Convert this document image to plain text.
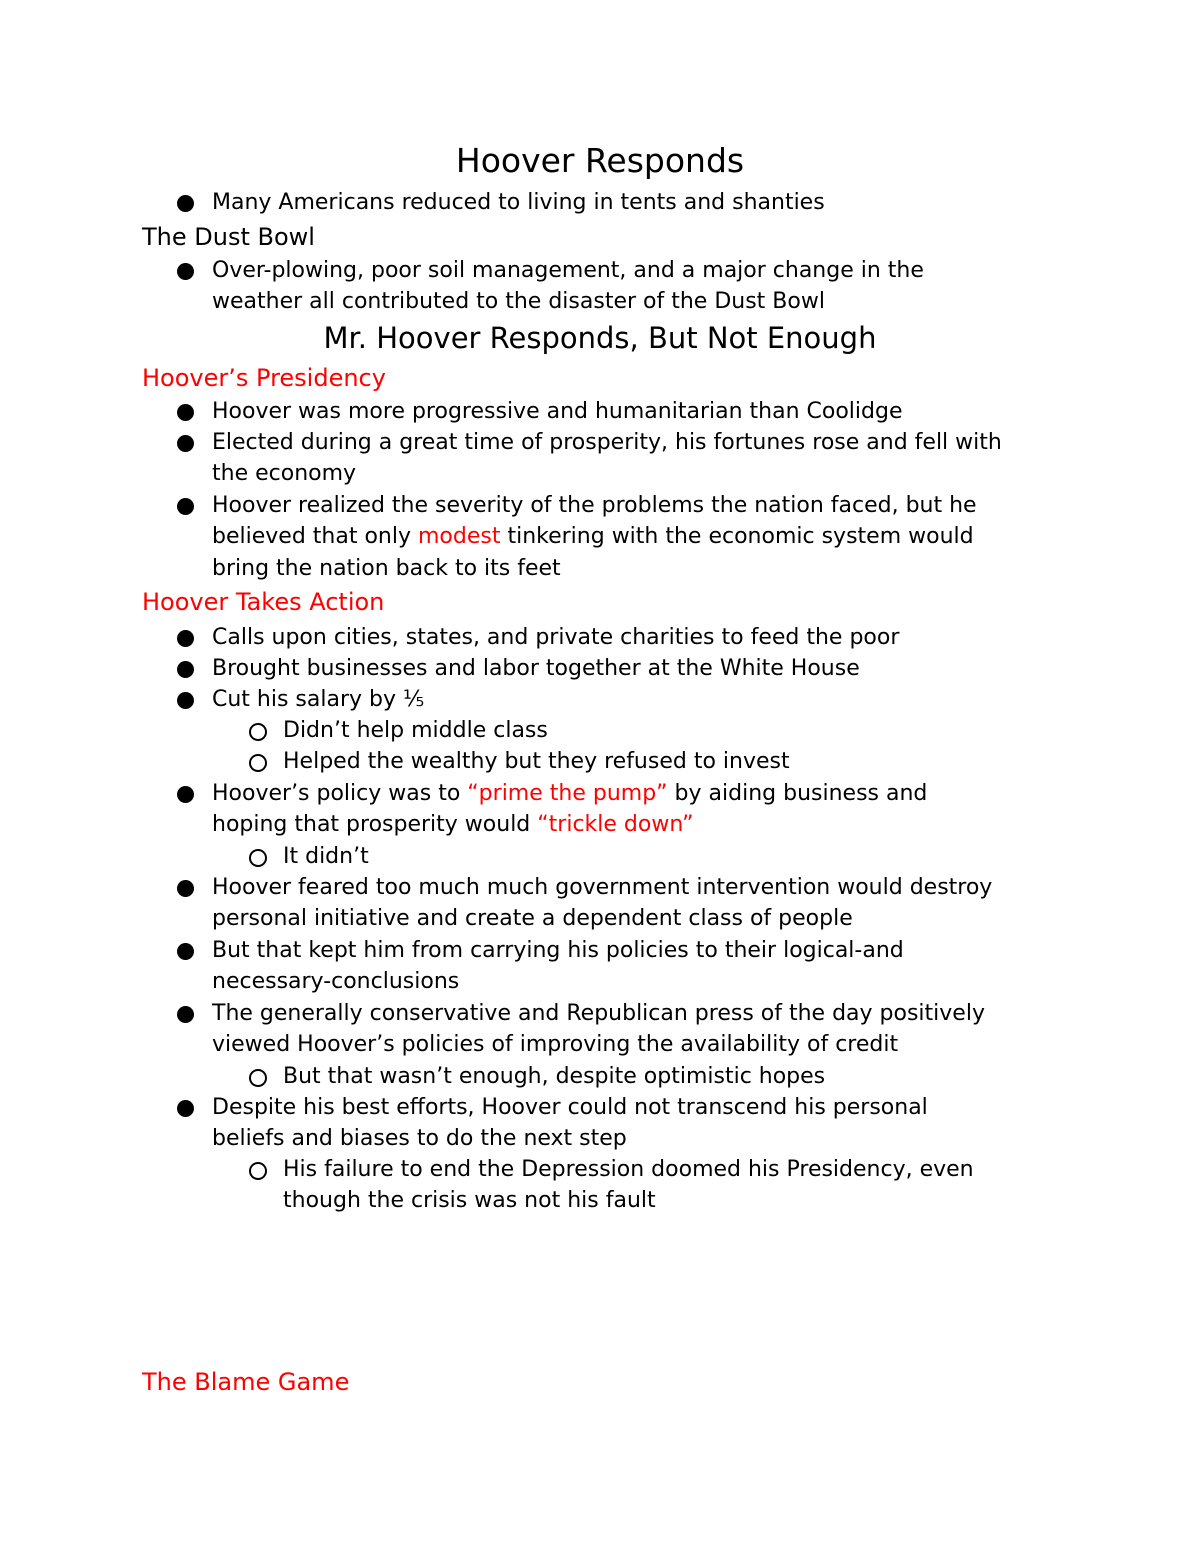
Hoover Responds
Many Americans reduced to living in tents and shanties
The Dust Bowl
Over-plowing, poor soil management, and a major change in the
weather all contributed to the disaster of the Dust Bowl
Mr. Hoover Responds, But Not Enough
Hoover’s Presidency
Hoover was more progressive and humanitarian than Coolidge
Elected during a great time of prosperity, his fortunes rose and fell with
the economy
Hoover realized the severity of the problems the nation faced, but he
believed that only modest tinkering with the economic system would
bring the nation back to its feet
Hoover Takes Action
Calls upon cities, states, and private charities to feed the poor
Brought businesses and labor together at the White House
Cut his salary by ⅕
Didn’t help middle class
Helped the wealthy but they refused to invest
Hoover’s policy was to “prime the pump” by aiding business and
hoping that prosperity would “trickle down”
It didn’t
Hoover feared too much much government intervention would destroy
personal initiative and create a dependent class of people
But that kept him from carrying his policies to their logical-and
necessary-conclusions
The generally conservative and Republican press of the day positively
viewed Hoover’s policies of improving the availability of credit
But that wasn’t enough, despite optimistic hopes
Despite his best efforts, Hoover could not transcend his personal
beliefs and biases to do the next step
His failure to end the Depression doomed his Presidency, even
though the crisis was not his fault
The Blame Game
